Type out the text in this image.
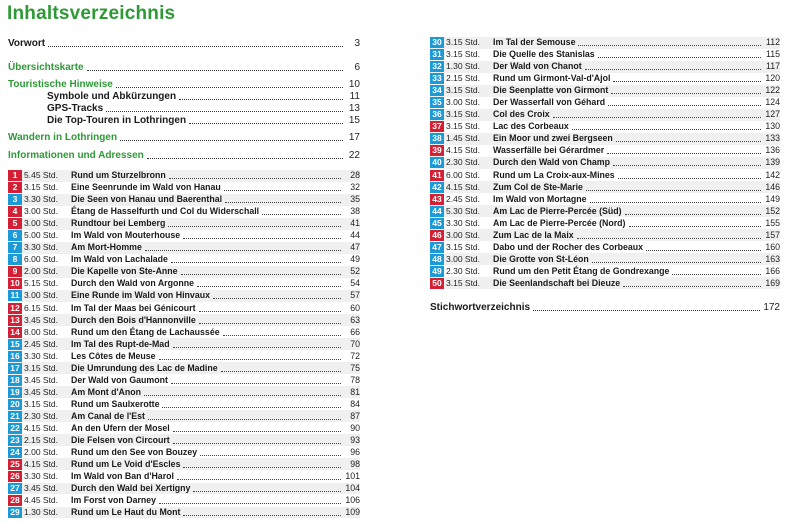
Inhaltsverzeichnis
Vorwort	3
Übersichtskarte	6
Touristische Hinweise	10
Symbole und Abkürzungen	11
GPS-Tracks	13
Die Top-Touren in Lothringen	15
Wandern in Lothringen	17
Informationen und Adressen	22
1 5.45 Std.	Rund um Sturzelbronn	28
2 3.15 Std.	Eine Seenrunde im Wald von Hanau	32
3 3.30 Std.	Die Seen von Hanau und Baerenthal	35
4 3.00 Std.	Étang de Hasselfurth und Col du Widerschall	38
5 3.00 Std.	Rundtour bei Lemberg	41
6 5.00 Std.	Im Wald von Mouterhouse	44
7 3.30 Std.	Am Mort-Homme	47
8 6.00 Std.	Im Wald von Lachalade	49
9 2.00 Std.	Die Kapelle von Ste-Anne	52
10 5.15 Std.	Durch den Wald von Argonne	54
11 3.00 Std.	Eine Runde im Wald von Hinvaux	57
12 6.15 Std.	Im Tal der Maas bei Génicourt	60
13 3.45 Std.	Durch den Bois d'Hannonville	63
14 8.00 Std.	Rund um den Étang de Lachaussée	66
15 2.45 Std.	Im Tal des Rupt-de-Mad	70
16 3.30 Std.	Les Côtes de Meuse	72
17 3.15 Std.	Die Umrundung des Lac de Madine	75
18 3.45 Std.	Der Wald von Gaumont	78
19 3.45 Std.	Am Mont d'Anon	81
20 3.15 Std.	Rund um Saulxerotte	84
21 2.30 Std.	Am Canal de l'Est	87
22 4.15 Std.	An den Ufern der Mosel	90
23 2.15 Std.	Die Felsen von Circourt	93
24 2.00 Std.	Rund um den See von Bouzey	96
25 4.15 Std.	Rund um Le Void d'Escles	98
26 3.30 Std.	Im Wald von Ban d'Harol	101
27 3.45 Std.	Durch den Wald bei Xertigny	104
28 4.45 Std.	Im Forst von Darney	106
29 1.30 Std.	Rund um Le Haut du Mont	109
30 3.15 Std.	Im Tal der Semouse	112
31 3.15 Std.	Die Quelle des Stanislas	115
32 1.30 Std.	Der Wald von Chanot	117
33 2.15 Std.	Rund um Girmont-Val-d'Ajol	120
34 3.15 Std.	Die Seenplatte von Girmont	122
35 3.00 Std.	Der Wasserfall von Géhard	124
36 3.15 Std.	Col des Croix	127
37 3.15 Std.	Lac des Corbeaux	130
38 1.45 Std.	Ein Moor und zwei Bergseen	133
39 4.15 Std.	Wasserfälle bei Gérardmer	136
40 2.30 Std.	Durch den Wald von Champ	139
41 6.00 Std.	Rund um La Croix-aux-Mines	142
42 4.15 Std.	Zum Col de Ste-Marie	146
43 2.45 Std.	Im Wald von Mortagne	149
44 5.30 Std.	Am Lac de Pierre-Percée (Süd)	152
45 3.30 Std.	Am Lac de Pierre-Percée (Nord)	155
46 3.00 Std.	Zum Lac de la Maix	157
47 3.15 Std.	Dabo und der Rocher des Corbeaux	160
48 3.00 Std.	Die Grotte von St-Léon	163
49 2.30 Std.	Rund um den Petit Étang de Gondrexange	166
50 3.15 Std.	Die Seenlandschaft bei Dieuze	169
Stichwortverzeichnis	172
